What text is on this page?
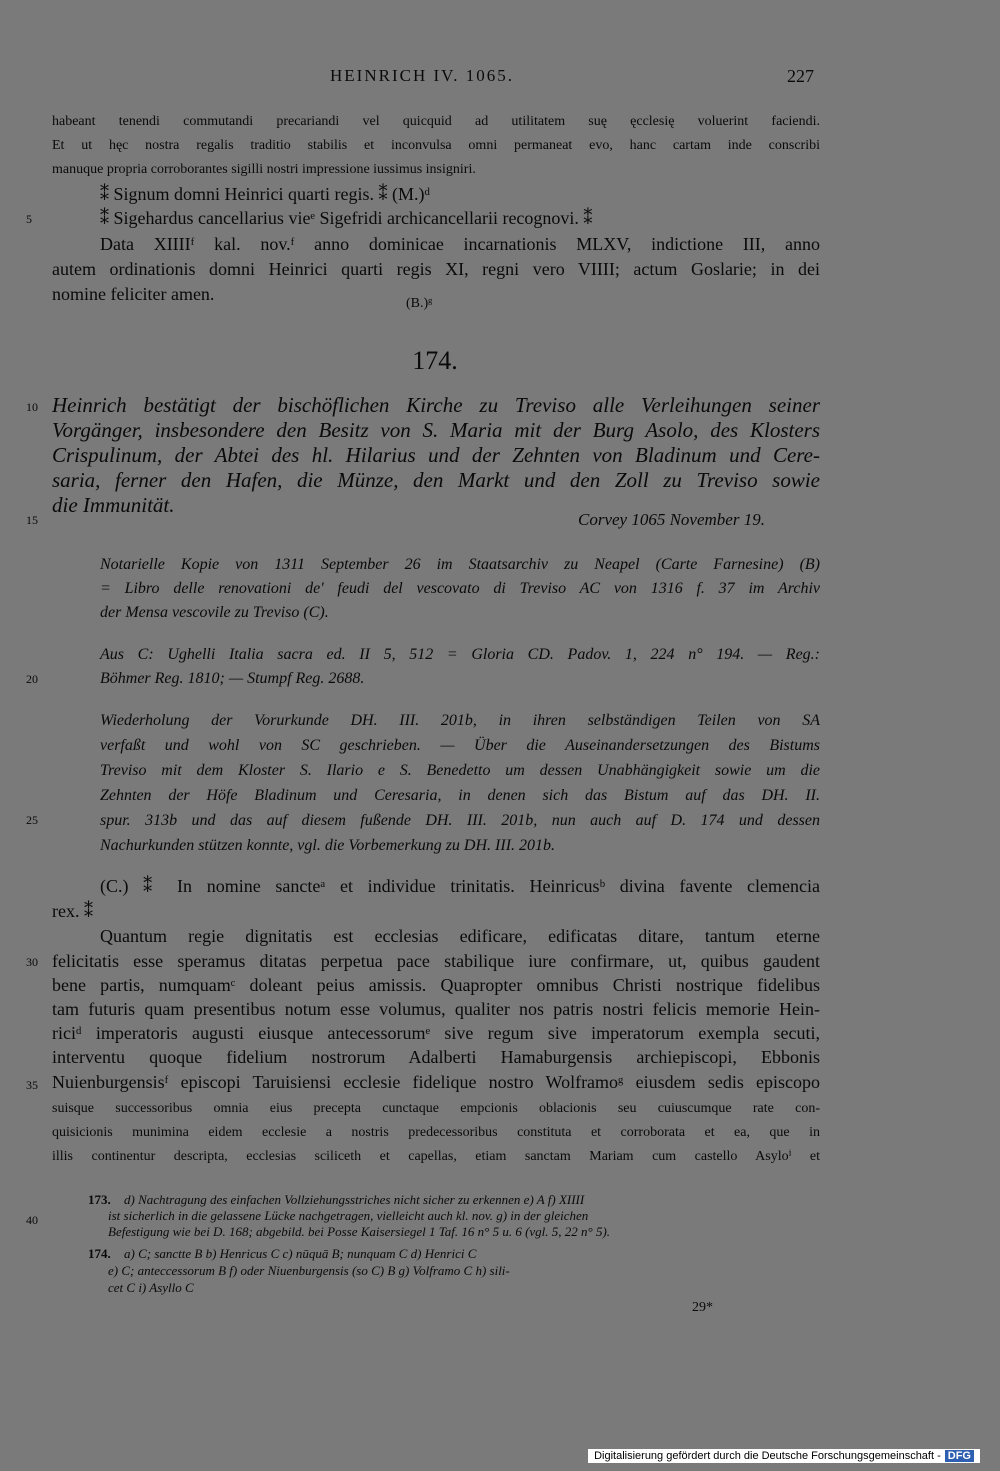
HEINRICH IV. 1065.	227
5
10
15
20
25
30
35
40
habeant tenendi commutandi precariandi vel quicquid ad utilitatem suę ęcclesię voluerint faciendi.
Et ut hęc nostra regalis traditio stabilis et inconvulsa omni permaneat evo, hanc cartam inde conscribi
manuque propria corroborantes sigilli nostri impressione iussimus insigniri.
⁑ Signum domni Heinrici quarti regis. ⁑ (M.)ᵈ
⁑ Sigehardus cancellarius vieᵉ Sigefridi archicancellarii recognovi. ⁑
Data XIIIIᶠ kal. nov.ᶠ anno dominicae incarnationis MLXV, indictione III, anno
autem ordinationis domni Heinrici quarti regis XI, regni vero VIIII; actum Goslarie; in dei
nomine feliciter amen.	(B.)ᵍ
174.
Heinrich bestätigt der bischöflichen Kirche zu Treviso alle Verleihungen seiner
Vorgänger, insbesondere den Besitz von S. Maria mit der Burg Asolo, des Klosters
Crispulinum, der Abtei des hl. Hilarius und der Zehnten von Bladinum und Cere-
saria, ferner den Hafen, die Münze, den Markt und den Zoll zu Treviso sowie
die Immunität.
Corvey 1065 November 19.
Notarielle Kopie von 1311 September 26 im Staatsarchiv zu Neapel (Carte Farnesine) (B)
= Libro delle renovationi de' feudi del vescovato di Treviso AC von 1316 f. 37 im Archiv
der Mensa vescovile zu Treviso (C).
Aus C: Ughelli Italia sacra ed. II 5, 512 = Gloria CD. Padov. 1, 224 n° 194. — Reg.:
Böhmer Reg. 1810; — Stumpf Reg. 2688.
Wiederholung der Vorurkunde DH. III. 201b, in ihren selbständigen Teilen von SA
verfaßt und wohl von SC geschrieben. — Über die Auseinandersetzungen des Bistums
Treviso mit dem Kloster S. Ilario e S. Benedetto um dessen Unabhängigkeit sowie um die
Zehnten der Höfe Bladinum und Ceresaria, in denen sich das Bistum auf das DH. II.
spur. 313b und das auf diesem fußende DH. III. 201b, nun auch auf D. 174 und dessen
Nachurkunden stützen konnte, vgl. die Vorbemerkung zu DH. III. 201b.
(C.) ⁑ In nomine sancteᵃ et individue trinitatis. Heinricusᵇ divina favente clemencia
rex. ⁑
Quantum regie dignitatis est ecclesias edificare, edificatas ditare, tantum eterne
felicitatis esse speramus ditatas perpetua pace stabilique iure confirmare, ut, quibus gaudent
bene partis, numquamᶜ doleant peius amissis. Quapropter omnibus Christi nostrique fidelibus
tam futuris quam presentibus notum esse volumus, qualiter nos patris nostri felicis memorie Hein-
riciᵈ imperatoris augusti eiusque antecessorumᵉ sive regum sive imperatorum exempla secuti,
interventu quoque fidelium nostrorum Adalberti Hamaburgensis archiepiscopi, Ebbonis
Nuienburgensisᶠ episcopi Taruisiensi ecclesie fidelique nostro Wolframoᵍ eiusdem sedis episcopo
suisque successoribus omnia eius precepta cunctaque empcionis oblacionis seu cuiuscumque rate con-
quisicionis munimina eidem ecclesie a nostris predecessoribus constituta et corroborata et ea, que in
illis continentur descripta, ecclesias sciliceth et capellas, etiam sanctam Mariam cum castello Asyloⁱ et
173. d) Nachtragung des einfachen Vollziehungsstriches nicht sicher zu erkennen e) A f) XIIII
ist sicherlich in die gelassene Lücke nachgetragen, vielleicht auch kl. nov. g) in der gleichen
Befestigung wie bei D. 168; abgebild. bei Posse Kaisersiegel 1 Taf. 16 n° 5 u. 6 (vgl. 5, 22 n° 5).
174. a) C; sanctte B b) Henricus C c) nūquā B; nunquam C d) Henrici C
e) C; anteccessorum B f) oder Niuenburgensis (so C) B g) Volframo C h) sili-
cet C i) Asyllo C
29*
Digitalisierung gefördert durch die Deutsche Forschungsgemeinschaft - DFG
